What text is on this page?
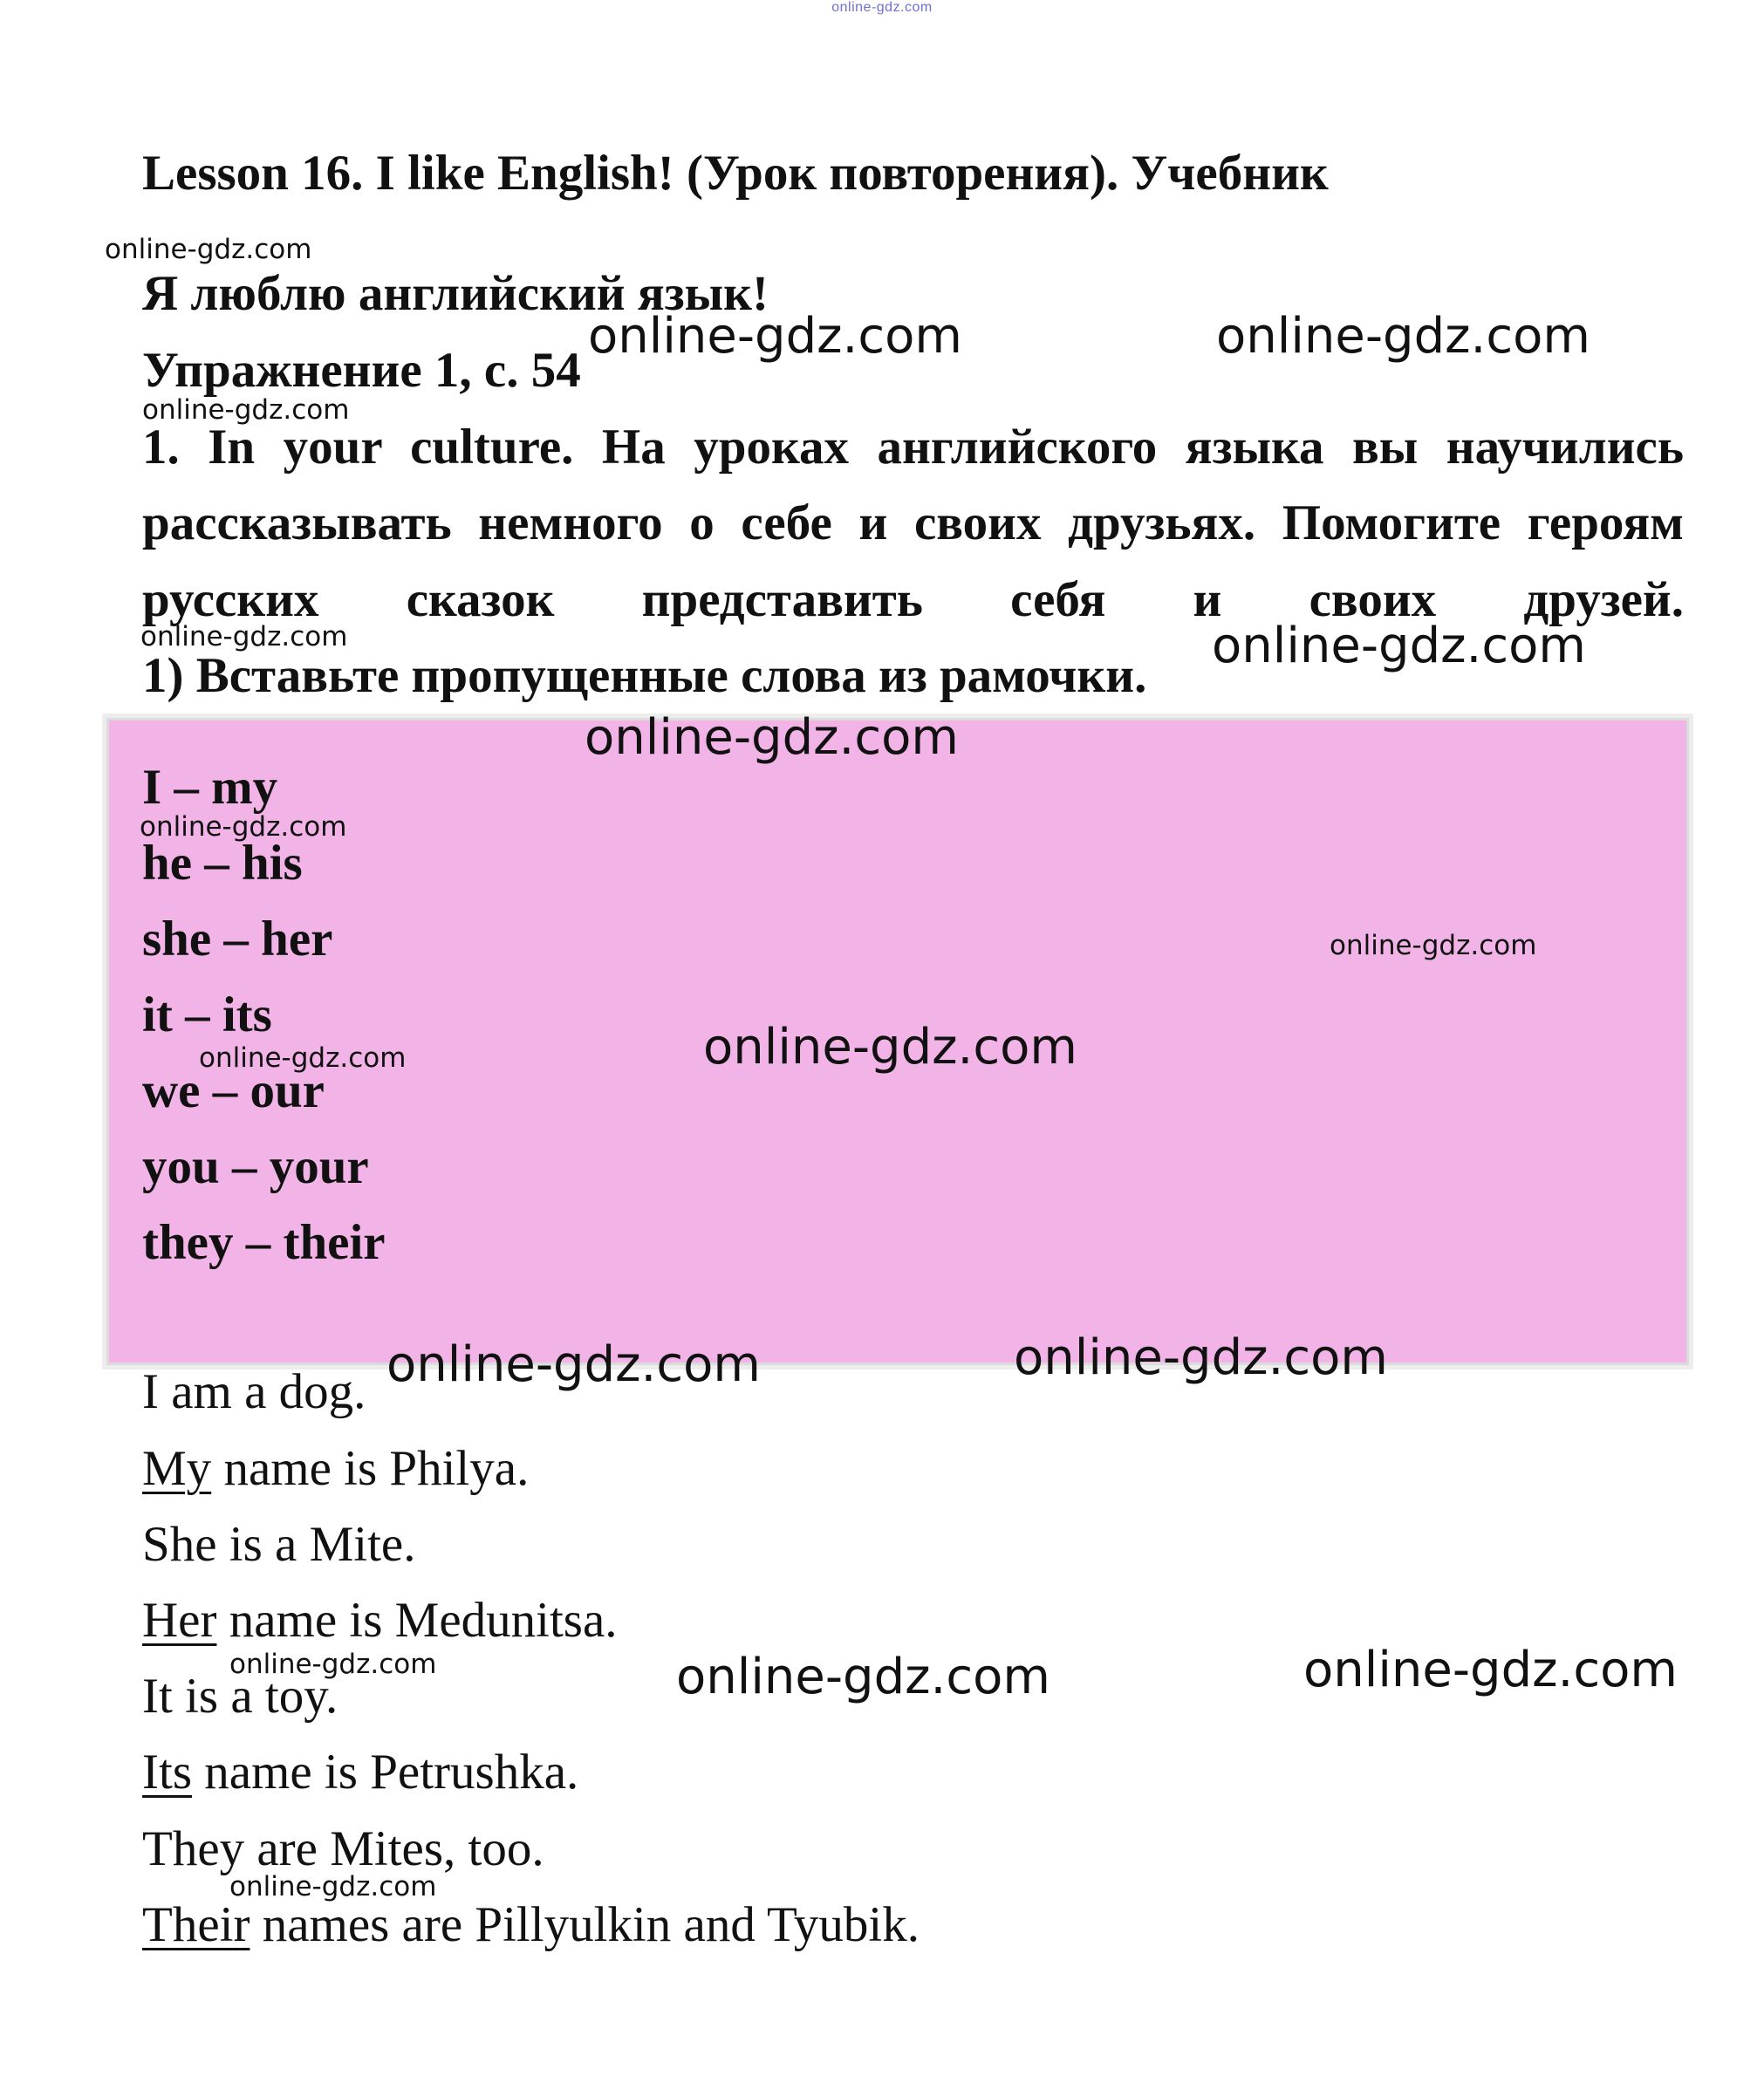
online-gdz.com
Lesson 16. I like English! (Урок повторения). Учебник
Я люблю английский язык!
Упражнение 1, с. 54
1. In your culture. На уроках английского языка вы научились
рассказывать немного о себе и своих друзьях. Помогите героям
русских сказок представить себя и своих друзей.
1) Вставьте пропущенные слова из рамочки.
I – my
he – his
she – her
it – its
we – our
you – your
they – their
I am a dog.
My name is Philya.
She is a Mite.
Her name is Medunitsa.
It is a toy.
Its name is Petrushka.
They are Mites, too.
Their names are Pillyulkin and Tyubik.
online-gdz.com
online-gdz.com	online-gdz.com
online-gdz.com
online-gdz.com	online-gdz.com
online-gdz.com
online-gdz.com
online-gdz.com
online-gdz.com	online-gdz.com
online-gdz.com	online-gdz.com
online-gdz.com	online-gdz.com	online-gdz.com
online-gdz.com
